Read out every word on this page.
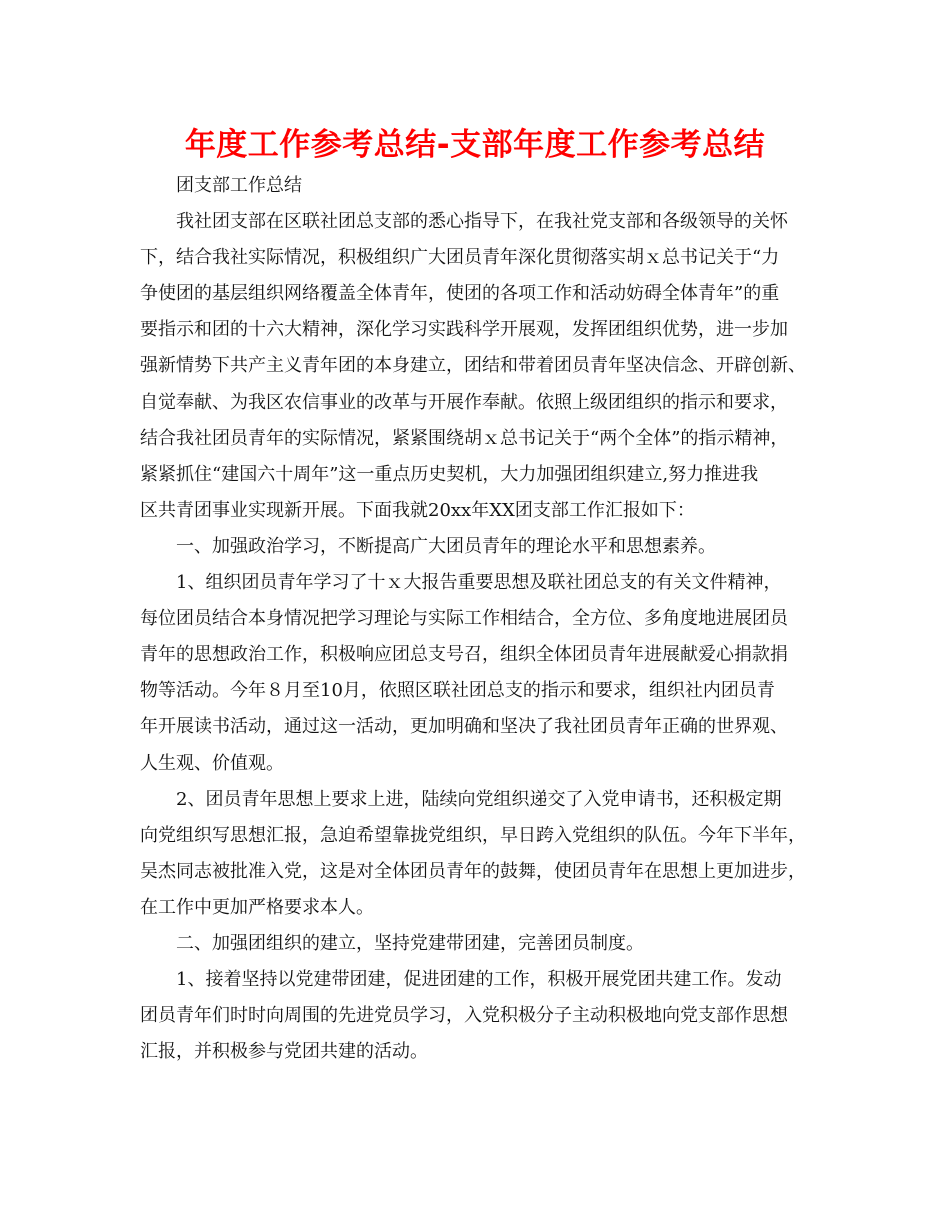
年度工作参考总结-支部年度工作参考总结
团支部工作总结
我社团支部在区联社团总支部的悉心指导下，在我社党支部和各级领导的关怀
下，结合我社实际情况，积极组织广大团员青年深化贯彻落实胡ｘ总书记关于“力
争使团的基层组织网络覆盖全体青年，使团的各项工作和活动妨碍全体青年”的重
要指示和团的十六大精神，深化学习实践科学开展观，发挥团组织优势，进一步加
强新情势下共产主义青年团的本身建立，团结和带着团员青年坚决信念、开辟创新、
自觉奉献、为我区农信事业的改革与开展作奉献。依照上级团组织的指示和要求，
结合我社团员青年的实际情况，紧紧围绕胡ｘ总书记关于“两个全体”的指示精神，
紧紧抓住“建国六十周年”这一重点历史契机，大力加强团组织建立,努力推进我
区共青团事业实现新开展。下面我就20xx年XX团支部工作汇报如下：
一、加强政治学习，不断提高广大团员青年的理论水平和思想素养。
1、组织团员青年学习了十ｘ大报告重要思想及联社团总支的有关文件精神，
每位团员结合本身情况把学习理论与实际工作相结合，全方位、多角度地进展团员
青年的思想政治工作，积极响应团总支号召，组织全体团员青年进展献爱心捐款捐
物等活动。今年８月至10月，依照区联社团总支的指示和要求，组织社内团员青
年开展读书活动，通过这一活动，更加明确和坚决了我社团员青年正确的世界观、
人生观、价值观。
2、团员青年思想上要求上进，陆续向党组织递交了入党申请书，还积极定期
向党组织写思想汇报，急迫希望靠拢党组织，早日跨入党组织的队伍。今年下半年，
吴杰同志被批准入党，这是对全体团员青年的鼓舞，使团员青年在思想上更加进步，
在工作中更加严格要求本人。
二、加强团组织的建立，坚持党建带团建，完善团员制度。
1、接着坚持以党建带团建，促进团建的工作，积极开展党团共建工作。发动
团员青年们时时向周围的先进党员学习，入党积极分子主动积极地向党支部作思想
汇报，并积极参与党团共建的活动。
